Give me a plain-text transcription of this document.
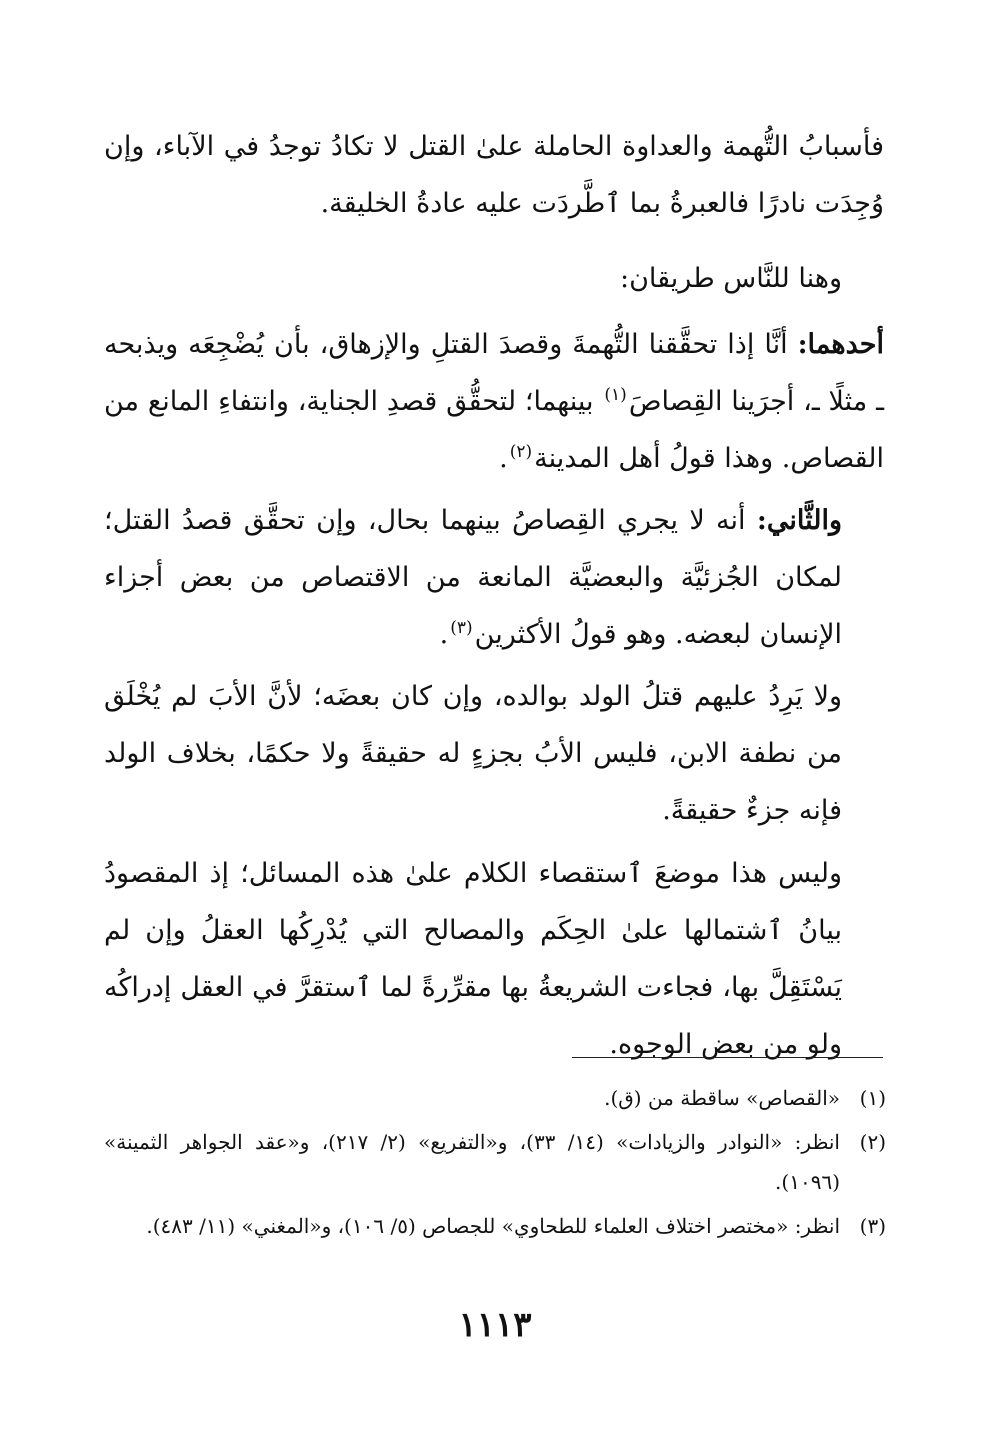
فأسبابُ التُّهمة والعداوة الحاملة علىٰ القتل لا تكادُ توجدُ في الآباء، وإن وُجِدَت نادرًا فالعبرةُ بما ٱطَّردَت عليه عادةُ الخليقة.

وهنا للنَّاس طريقان:

أحدهما: أنَّا إذا تحقَّقنا التُّهمةَ وقصدَ القتلِ والإزهاق، بأن يُضْجِعَه ويذبحه ـ مثلًا ـ، أجرَينا القِصاصَ$^{(١)}$ بينهما؛ لتحقُّق قصدِ الجناية، وانتفاءِ المانع من القصاص. وهذا قولُ أهل المدينة$^{(٢)}$.

والثَّاني: أنه لا يجري القِصاصُ بينهما بحال، وإن تحقَّق قصدُ القتل؛ لمكان الجُزئيَّة والبعضيَّة المانعة من الاقتصاص من بعض أجزاء الإنسان لبعضه. وهو قولُ الأكثرين$^{(٣)}$.

ولا يَرِدُ عليهم قتلُ الولد بوالده، وإن كان بعضَه؛ لأنَّ الأبَ لم يُخْلَق من نطفة الابن، فليس الأبُ بجزءٍ له حقيقةً ولا حكمًا، بخلاف الولد فإنه جزءٌ حقيقةً.

وليس هذا موضعَ ٱستقصاء الكلام علىٰ هذه المسائل؛ إذ المقصودُ بيانُ ٱشتمالها علىٰ الحِكَم والمصالح التي يُدْرِكُها العقلُ وإن لم يَسْتَقِلَّ بها، فجاءت الشريعةُ بها مقرِّرةً لما ٱستقرَّ في العقل إدراكُه ولو من بعض الوجوه.

(١)
«القصاص» ساقطة من (ق).
(٢)
انظر: «النوادر والزيادات» (١٤/ ٣٣)، و«التفريع» (٢/ ٢١٧)، و«عقد الجواهر الثمينة» (١٠٩٦).
(٣)
انظر: «مختصر اختلاف العلماء للطحاوي» للجصاص (٥/ ١٠٦)، و«المغني» (١١/ ٤٨٣).
١١١٣
